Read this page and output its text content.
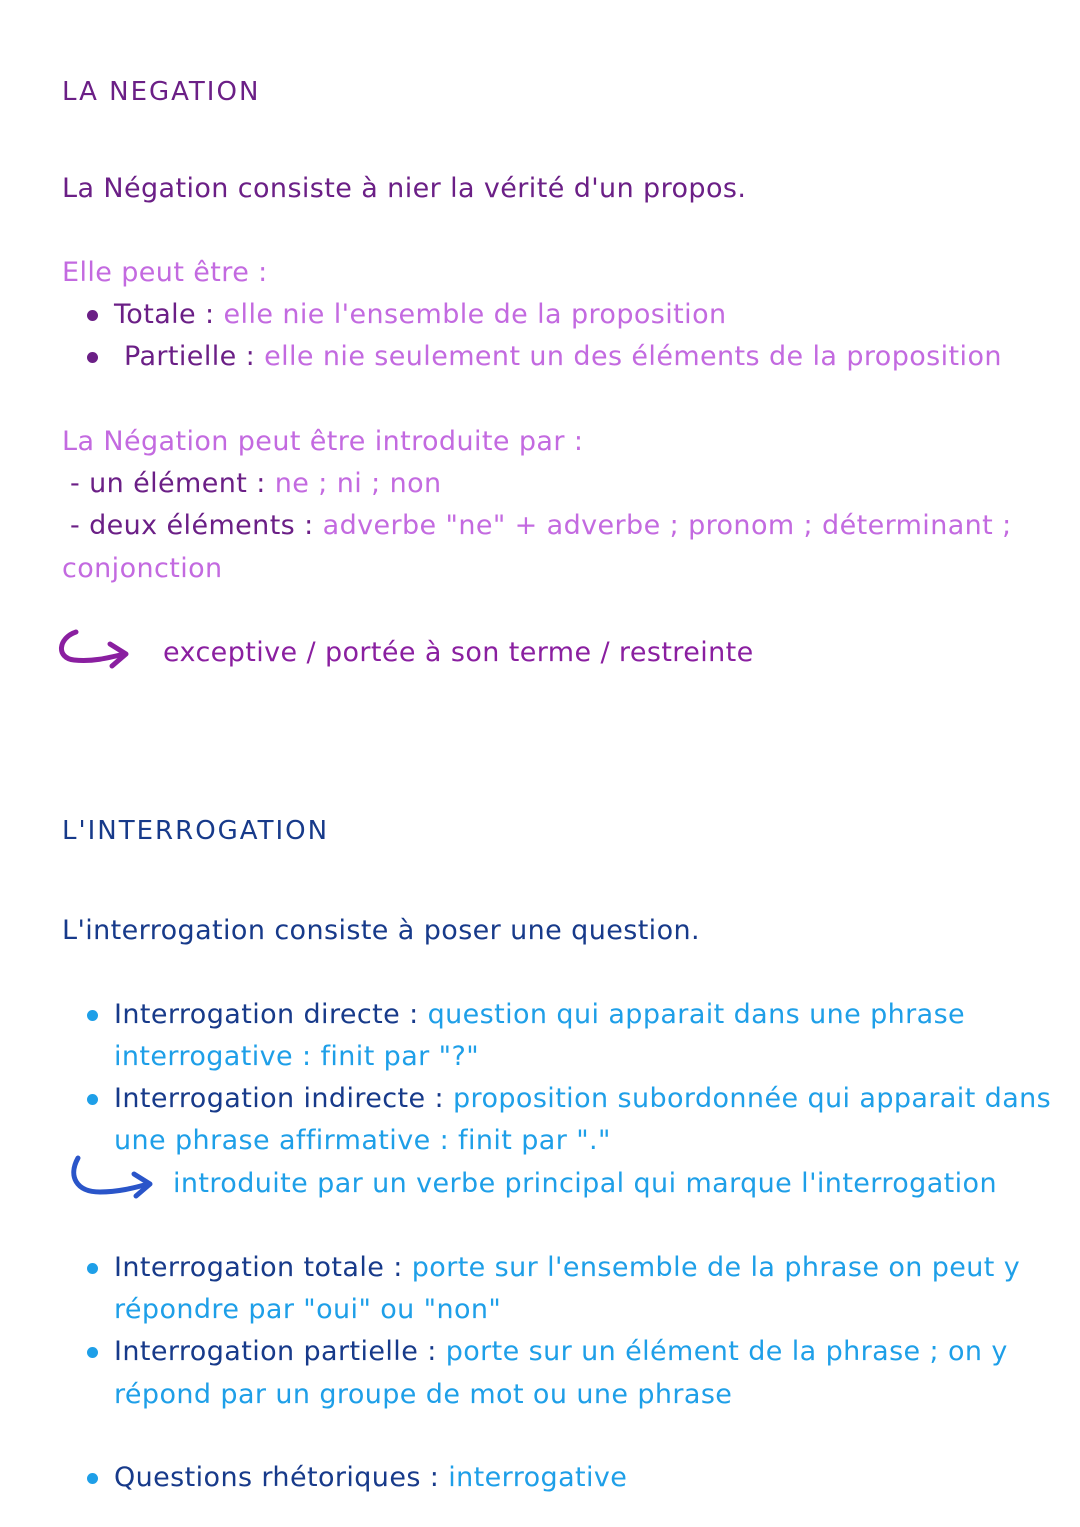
LA NEGATION
La Négation consiste à nier la vérité d'un propos.
Elle peut être :
Totale : elle nie l'ensemble de la proposition
Partielle : elle nie seulement un des éléments de la proposition
La Négation peut être introduite par :
- un élément : ne ; ni ; non
- deux éléments : adverbe "ne" + adverbe ; pronom ; déterminant ;
conjonction
exceptive / portée à son terme / restreinte
L'INTERROGATION
L'interrogation consiste à poser une question.
Interrogation directe : question qui apparait dans une phrase
interrogative : finit par "?"
Interrogation indirecte : proposition subordonnée qui apparait dans
une phrase affirmative : finit par "."
introduite par un verbe principal qui marque l'interrogation
Interrogation totale : porte sur l'ensemble de la phrase on peut y
répondre par "oui" ou "non"
Interrogation partielle : porte sur un élément de la phrase ; on y
répond par un groupe de mot ou une phrase
Questions rhétoriques : interrogative
